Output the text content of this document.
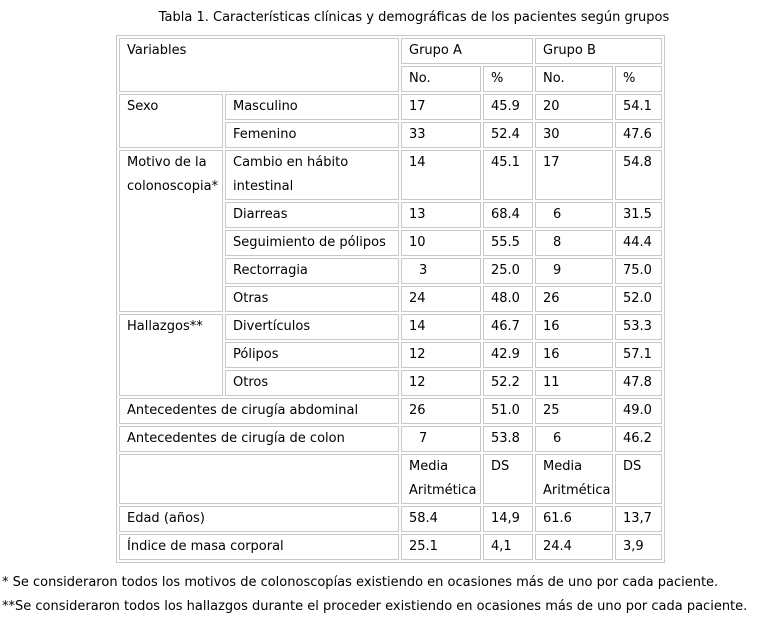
Tabla 1. Características clínicas y demográficas de los pacientes según grupos
Variables		Grupo A		Grupo B	
		No.	%	No.	%
Sexo	Masculino	17	45.9	20	54.1
	Femenino	33	52.4	30	47.6
Motivo de la colonoscopia*	Cambio en hábito intestinal	14	45.1	17	54.8
	Diarreas	13	68.4	6	31.5
	Seguimiento de pólipos	10	55.5	8	44.4
	Rectorragia	3	25.0	9	75.0
	Otras	24	48.0	26	52.0
Hallazgos**	Divertículos	14	46.7	16	53.3
	Pólipos	12	42.9	16	57.1
	Otros	12	52.2	11	47.8
Antecedentes de cirugía abdominal		26	51.0	25	49.0
Antecedentes de cirugía de colon		7	53.8	6	46.2
		Media Aritmética	DS	Media Aritmética	DS
Edad (años)		58.4	14,9	61.6	13,7
Índice de masa corporal		25.1	4,1	24.4	3,9
* Se consideraron todos los motivos de colonoscopías existiendo en ocasiones más de uno por cada paciente.
**Se consideraron todos los hallazgos durante el proceder existiendo en ocasiones más de uno por cada paciente.
